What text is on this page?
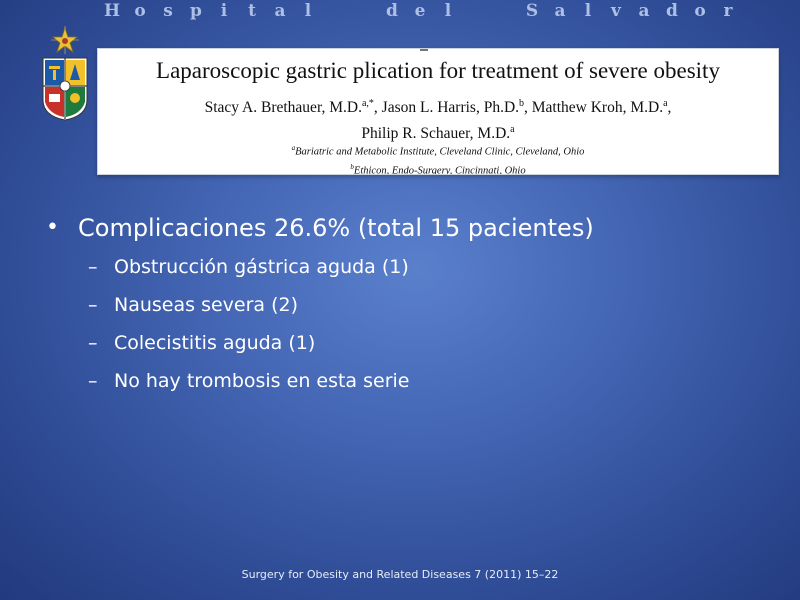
H o s p i t a l	d e l	S a l v a d o r
Laparoscopic gastric plication for treatment of severe obesity
Stacy A. Brethauer, M.D.$^{a,*}$, Jason L. Harris, Ph.D.$^b$, Matthew Kroh, M.D.$^a$,
Philip R. Schauer, M.D.$^a$
$^a$Bariatric and Metabolic Institute, Cleveland Clinic, Cleveland, Ohio
$^b$Ethicon, Endo-Surgery, Cincinnati, Ohio
• Complicaciones 26.6% (total 15 pacientes)
– Obstrucción gástrica aguda (1)
– Nauseas severa (2)
– Colecistitis aguda (1)
– No hay trombosis en esta serie
Surgery for Obesity and Related Diseases 7 (2011) 15–22
